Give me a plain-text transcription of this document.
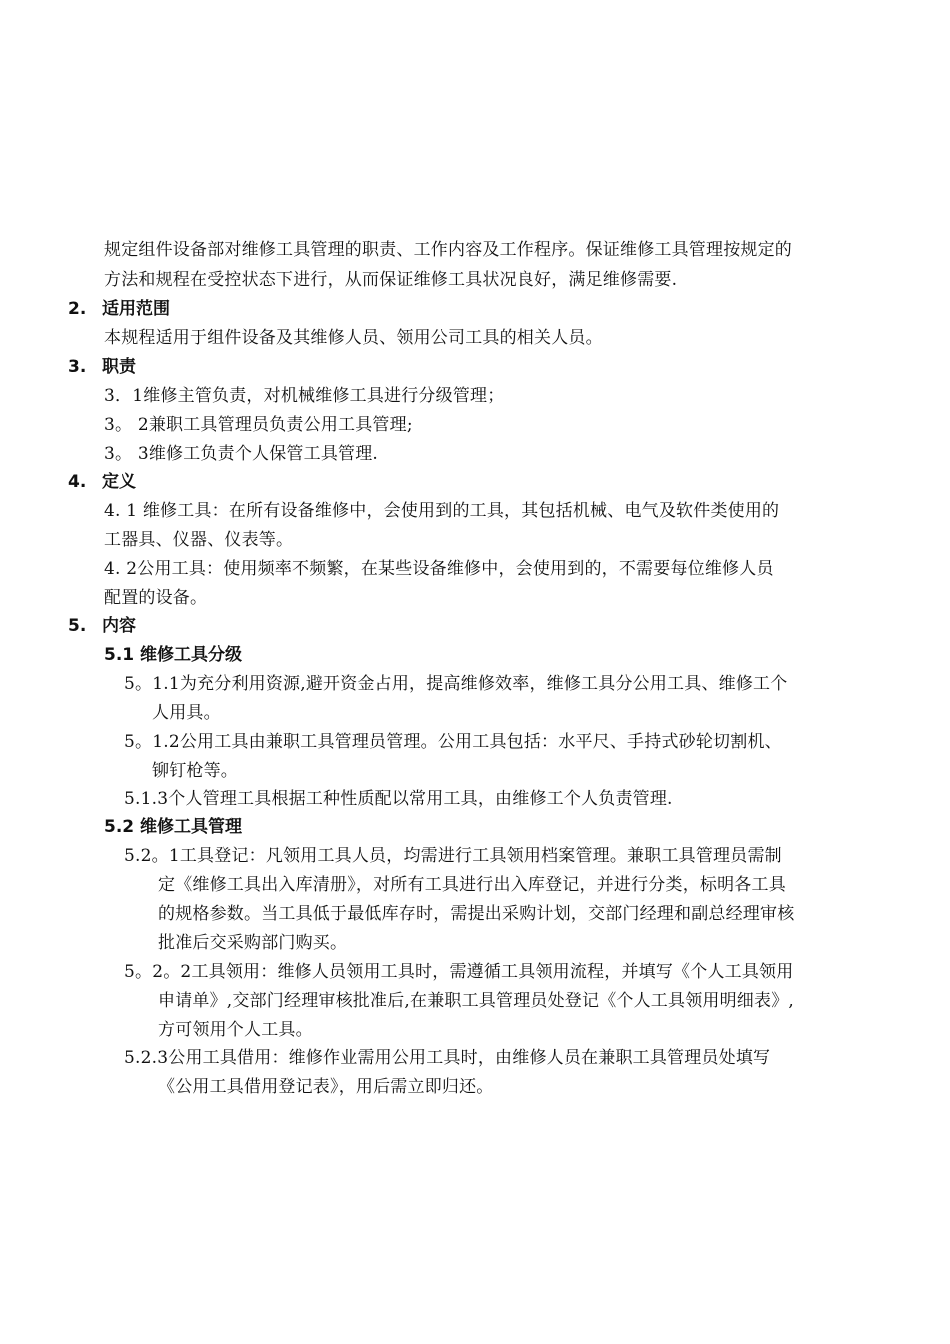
规定组件设备部对维修工具管理的职责、工作内容及工作程序。保证维修工具管理按规定的
方法和规程在受控状态下进行，从而保证维修工具状况良好，满足维修需要.
2. 适用范围
本规程适用于组件设备及其维修人员、领用公司工具的相关人员。
3. 职责
3．1维修主管负责，对机械维修工具进行分级管理；
3。 2兼职工具管理员负责公用工具管理;
3。 3维修工负责个人保管工具管理.
4. 定义
4. 1 维修工具：在所有设备维修中，会使用到的工具，其包括机械、电气及软件类使用的
工器具、仪器、仪表等。
4. 2公用工具：使用频率不频繁，在某些设备维修中，会使用到的，不需要每位维修人员
配置的设备。
5. 内容
5.1 维修工具分级
5。1.1为充分利用资源,避开资金占用，提高维修效率，维修工具分公用工具、维修工个
人用具。
5。1.2公用工具由兼职工具管理员管理。公用工具包括：水平尺、手持式砂轮切割机、
铆钉枪等。
5.1.3个人管理工具根据工种性质配以常用工具，由维修工个人负责管理.
5.2 维修工具管理
5.2。1工具登记：凡领用工具人员，均需进行工具领用档案管理。兼职工具管理员需制
定《维修工具出入库清册》，对所有工具进行出入库登记，并进行分类，标明各工具
的规格参数。当工具低于最低库存时，需提出采购计划，交部门经理和副总经理审核
批准后交采购部门购买。
5。2。2工具领用：维修人员领用工具时，需遵循工具领用流程，并填写《个人工具领用
申请单》,交部门经理审核批准后,在兼职工具管理员处登记《个人工具领用明细表》,
方可领用个人工具。
5.2.3公用工具借用：维修作业需用公用工具时，由维修人员在兼职工具管理员处填写
《公用工具借用登记表》，用后需立即归还。
